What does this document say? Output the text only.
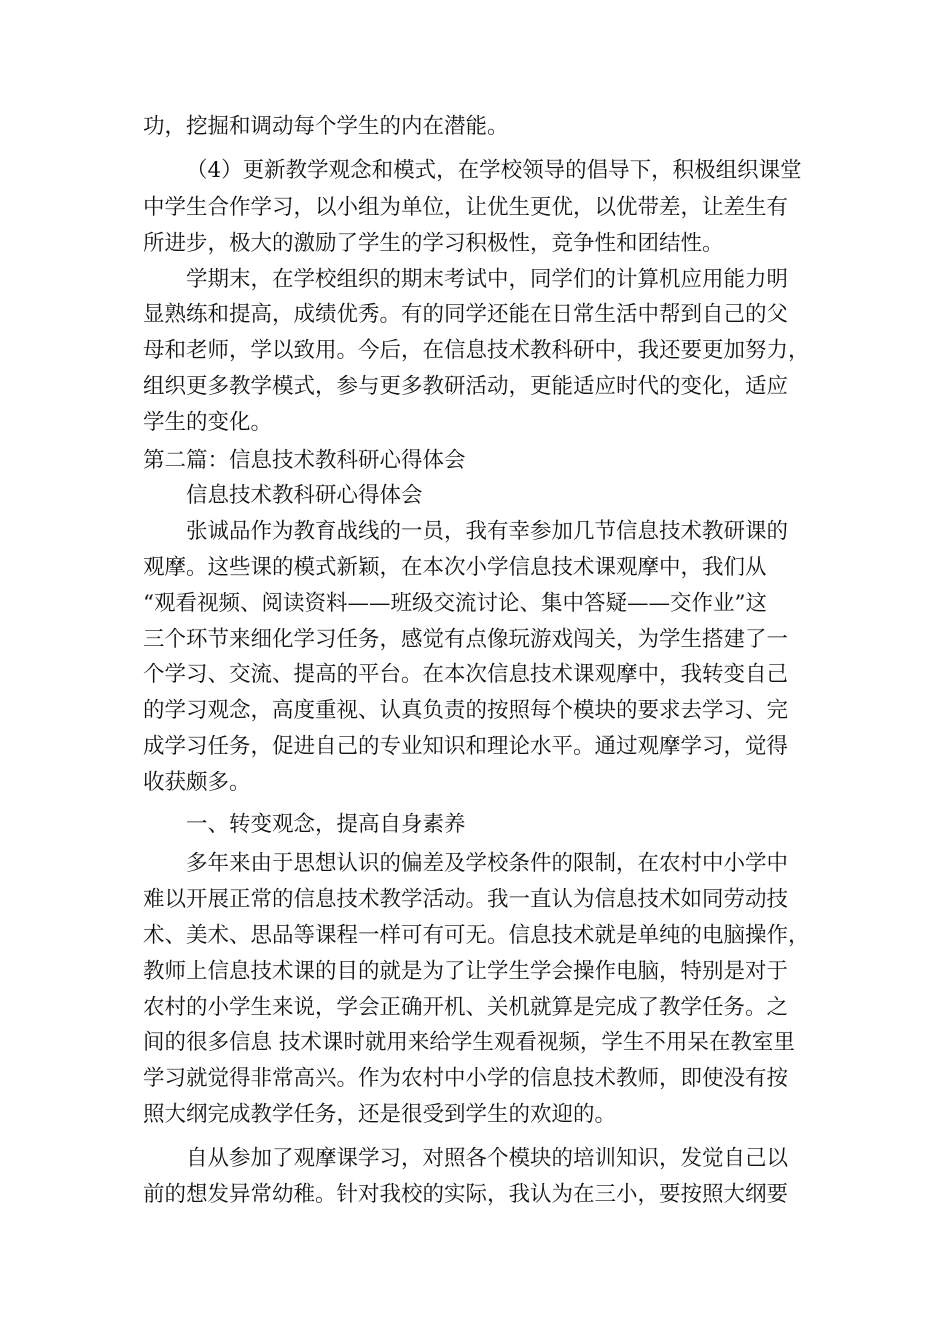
功，挖掘和调动每个学生的内在潜能。

（4）更新教学观念和模式，在学校领导的倡导下，积极组织课堂

中学生合作学习，以小组为单位，让优生更优，以优带差，让差生有

所进步，极大的激励了学生的学习积极性，竞争性和团结性。

学期末，在学校组织的期末考试中，同学们的计算机应用能力明

显熟练和提高，成绩优秀。有的同学还能在日常生活中帮到自己的父

母和老师，学以致用。今后，在信息技术教科研中，我还要更加努力，

组织更多教学模式，参与更多教研活动，更能适应时代的变化，适应

学生的变化。

第二篇：信息技术教科研心得体会

信息技术教科研心得体会

张诚品作为教育战线的一员，我有幸参加几节信息技术教研课的

观摩。这些课的模式新颖，在本次小学信息技术课观摩中，我们从

“观看视频、阅读资料——班级交流讨论、集中答疑——交作业”这

三个环节来细化学习任务，感觉有点像玩游戏闯关，为学生搭建了一

个学习、交流、提高的平台。在本次信息技术课观摩中，我转变自己

的学习观念，高度重视、认真负责的按照每个模块的要求去学习、完

成学习任务，促进自己的专业知识和理论水平。通过观摩学习，觉得

收获颇多。

一、转变观念，提高自身素养

多年来由于思想认识的偏差及学校条件的限制，在农村中小学中

难以开展正常的信息技术教学活动。我一直认为信息技术如同劳动技

术、美术、思品等课程一样可有可无。信息技术就是单纯的电脑操作，

教师上信息技术课的目的就是为了让学生学会操作电脑，特别是对于

农村的小学生来说，学会正确开机、关机就算是完成了教学任务。之

间的很多信息 技术课时就用来给学生观看视频，学生不用呆在教室里

学习就觉得非常高兴。作为农村中小学的信息技术教师，即使没有按

照大纲完成教学任务，还是很受到学生的欢迎的。

自从参加了观摩课学习，对照各个模块的培训知识，发觉自己以

前的想发异常幼稚。针对我校的实际，我认为在三小，要按照大纲要
